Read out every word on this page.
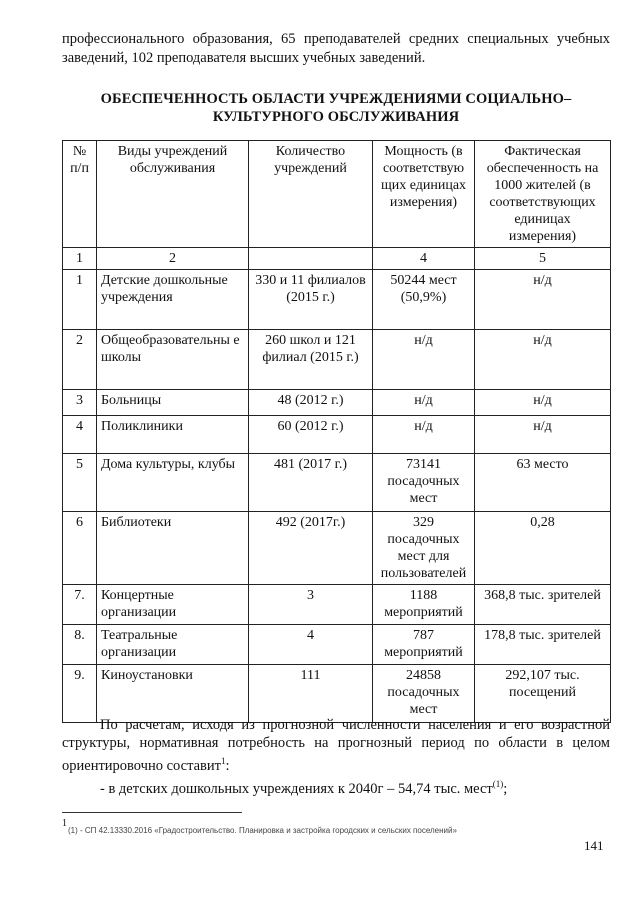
профессионального образования, 65 преподавателей средних специальных учебных заведений, 102 преподавателя высших учебных заведений.

ОБЕСПЕЧЕННОСТЬ ОБЛАСТИ УЧРЕЖДЕНИЯМИ СОЦИАЛЬНО–
КУЛЬТУРНОГО ОБСЛУЖИВАНИЯ
№ п/п	Виды учреждений обслуживания	Количество учреждений	Мощность (в соответствую щих единицах измерения)	Фактическая обеспеченность на 1000 жителей (в соответствующих единицах измерения)
1	2		4	5
1	Детские дошкольные учреждения	330 и 11 филиалов (2015 г.)	50244 мест (50,9%)	н/д
2	Общеобразовательны е школы	260 школ и 121 филиал (2015 г.)	н/д	н/д
3	Больницы	48 (2012 г.)	н/д	н/д
4	Поликлиники	60 (2012 г.)	н/д	н/д
5	Дома культуры, клубы	481 (2017 г.)	73141 посадочных мест	63 место
6	Библиотеки	492 (2017г.)	329 посадочных мест для пользователей	0,28
7.	Концертные организации	3	1188 мероприятий	368,8 тыс. зрителей
8.	Театральные организации	4	787 мероприятий	178,8 тыс. зрителей
9.	Киноустановки	111	24858 посадочных мест	292,107 тыс. посещений

По расчетам, исходя из прогнозной численности населения и его возрастной структуры, нормативная потребность на прогнозный период по области в целом ориентировочно составит$^1$:

- в детских дошкольных учреждениях к 2040г – 54,74 тыс. мест$^{(1)}$;

1
(1) - СП 42.13330.2016 «Градостроительство. Планировка и застройка городских и сельских поселений»
141
